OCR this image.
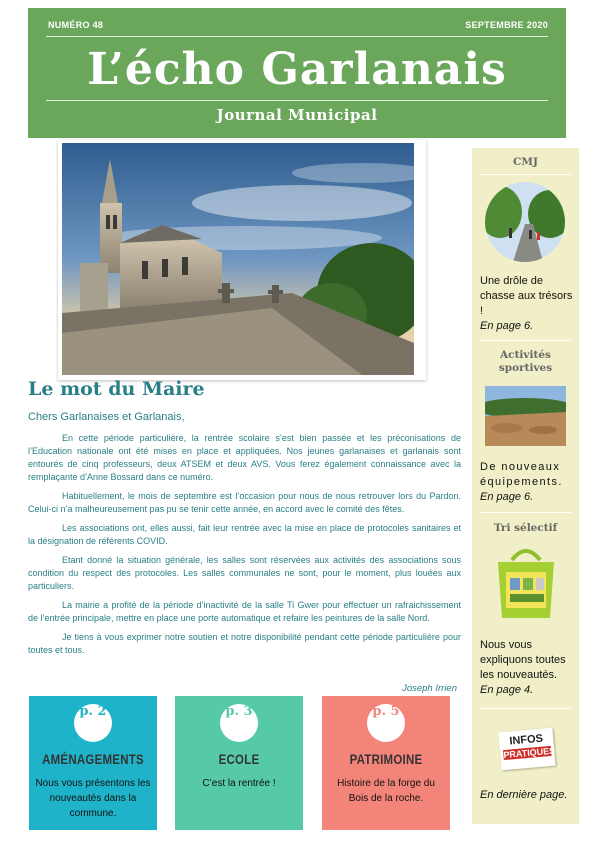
NUMÉRO 48	SEPTEMBRE 2020
L’écho Garlanais
Journal Municipal
CMJ
Une drôle de chasse aux trésors !
En page 6.
Activités sportives
De nouveaux équipements.
En page 6.
Tri sélectif
Nous vous expliquons toutes les nouveautés.
En page 4.
INFOS
PRATIQUES
En dernière page.
Le mot du Maire
Chers Garlanaises et Garlanais,

En cette période particulière, la rentrée scolaire s’est bien passée et les préconisations de l’Education nationale ont été mises en place et appliquées. Nos jeunes garlanaises et garlanais sont entourés de cinq professeurs, deux ATSEM et deux AVS. Vous ferez également connaissance avec la remplaçante d’Anne Bossard dans ce numéro.

Habituellement, le mois de septembre est l’occasion pour nous de nous retrouver lors du Pardon. Celui-ci n’a malheureusement pas pu se tenir cette année, en accord avec le comité des fêtes.

Les associations ont, elles aussi, fait leur rentrée avec la mise en place de protocoles sanitaires et la désignation de référents COVID.

Etant donné la situation générale, les salles sont réservées aux activités des associations sous condition du respect des protocoles. Les salles communales ne sont, pour le moment, plus louées aux particuliers.

La mairie a profité de la période d’inactivité de la salle Ti Gwer pour effectuer un rafraichissement de l’entrée principale, mettre en place une porte automatique et refaire les peintures de la salle Nord.

Je tiens à vous exprimer notre soutien et notre disponibilité pendant cette période particulière pour toutes et tous.

Joseph Irrien
p. 2
AMÉNAGEMENTS
Nous vous présentons les nouveautés dans la commune.
p. 3
ECOLE
C’est la rentrée !
p. 5
PATRIMOINE
Histoire de la forge du Bois de la roche.
